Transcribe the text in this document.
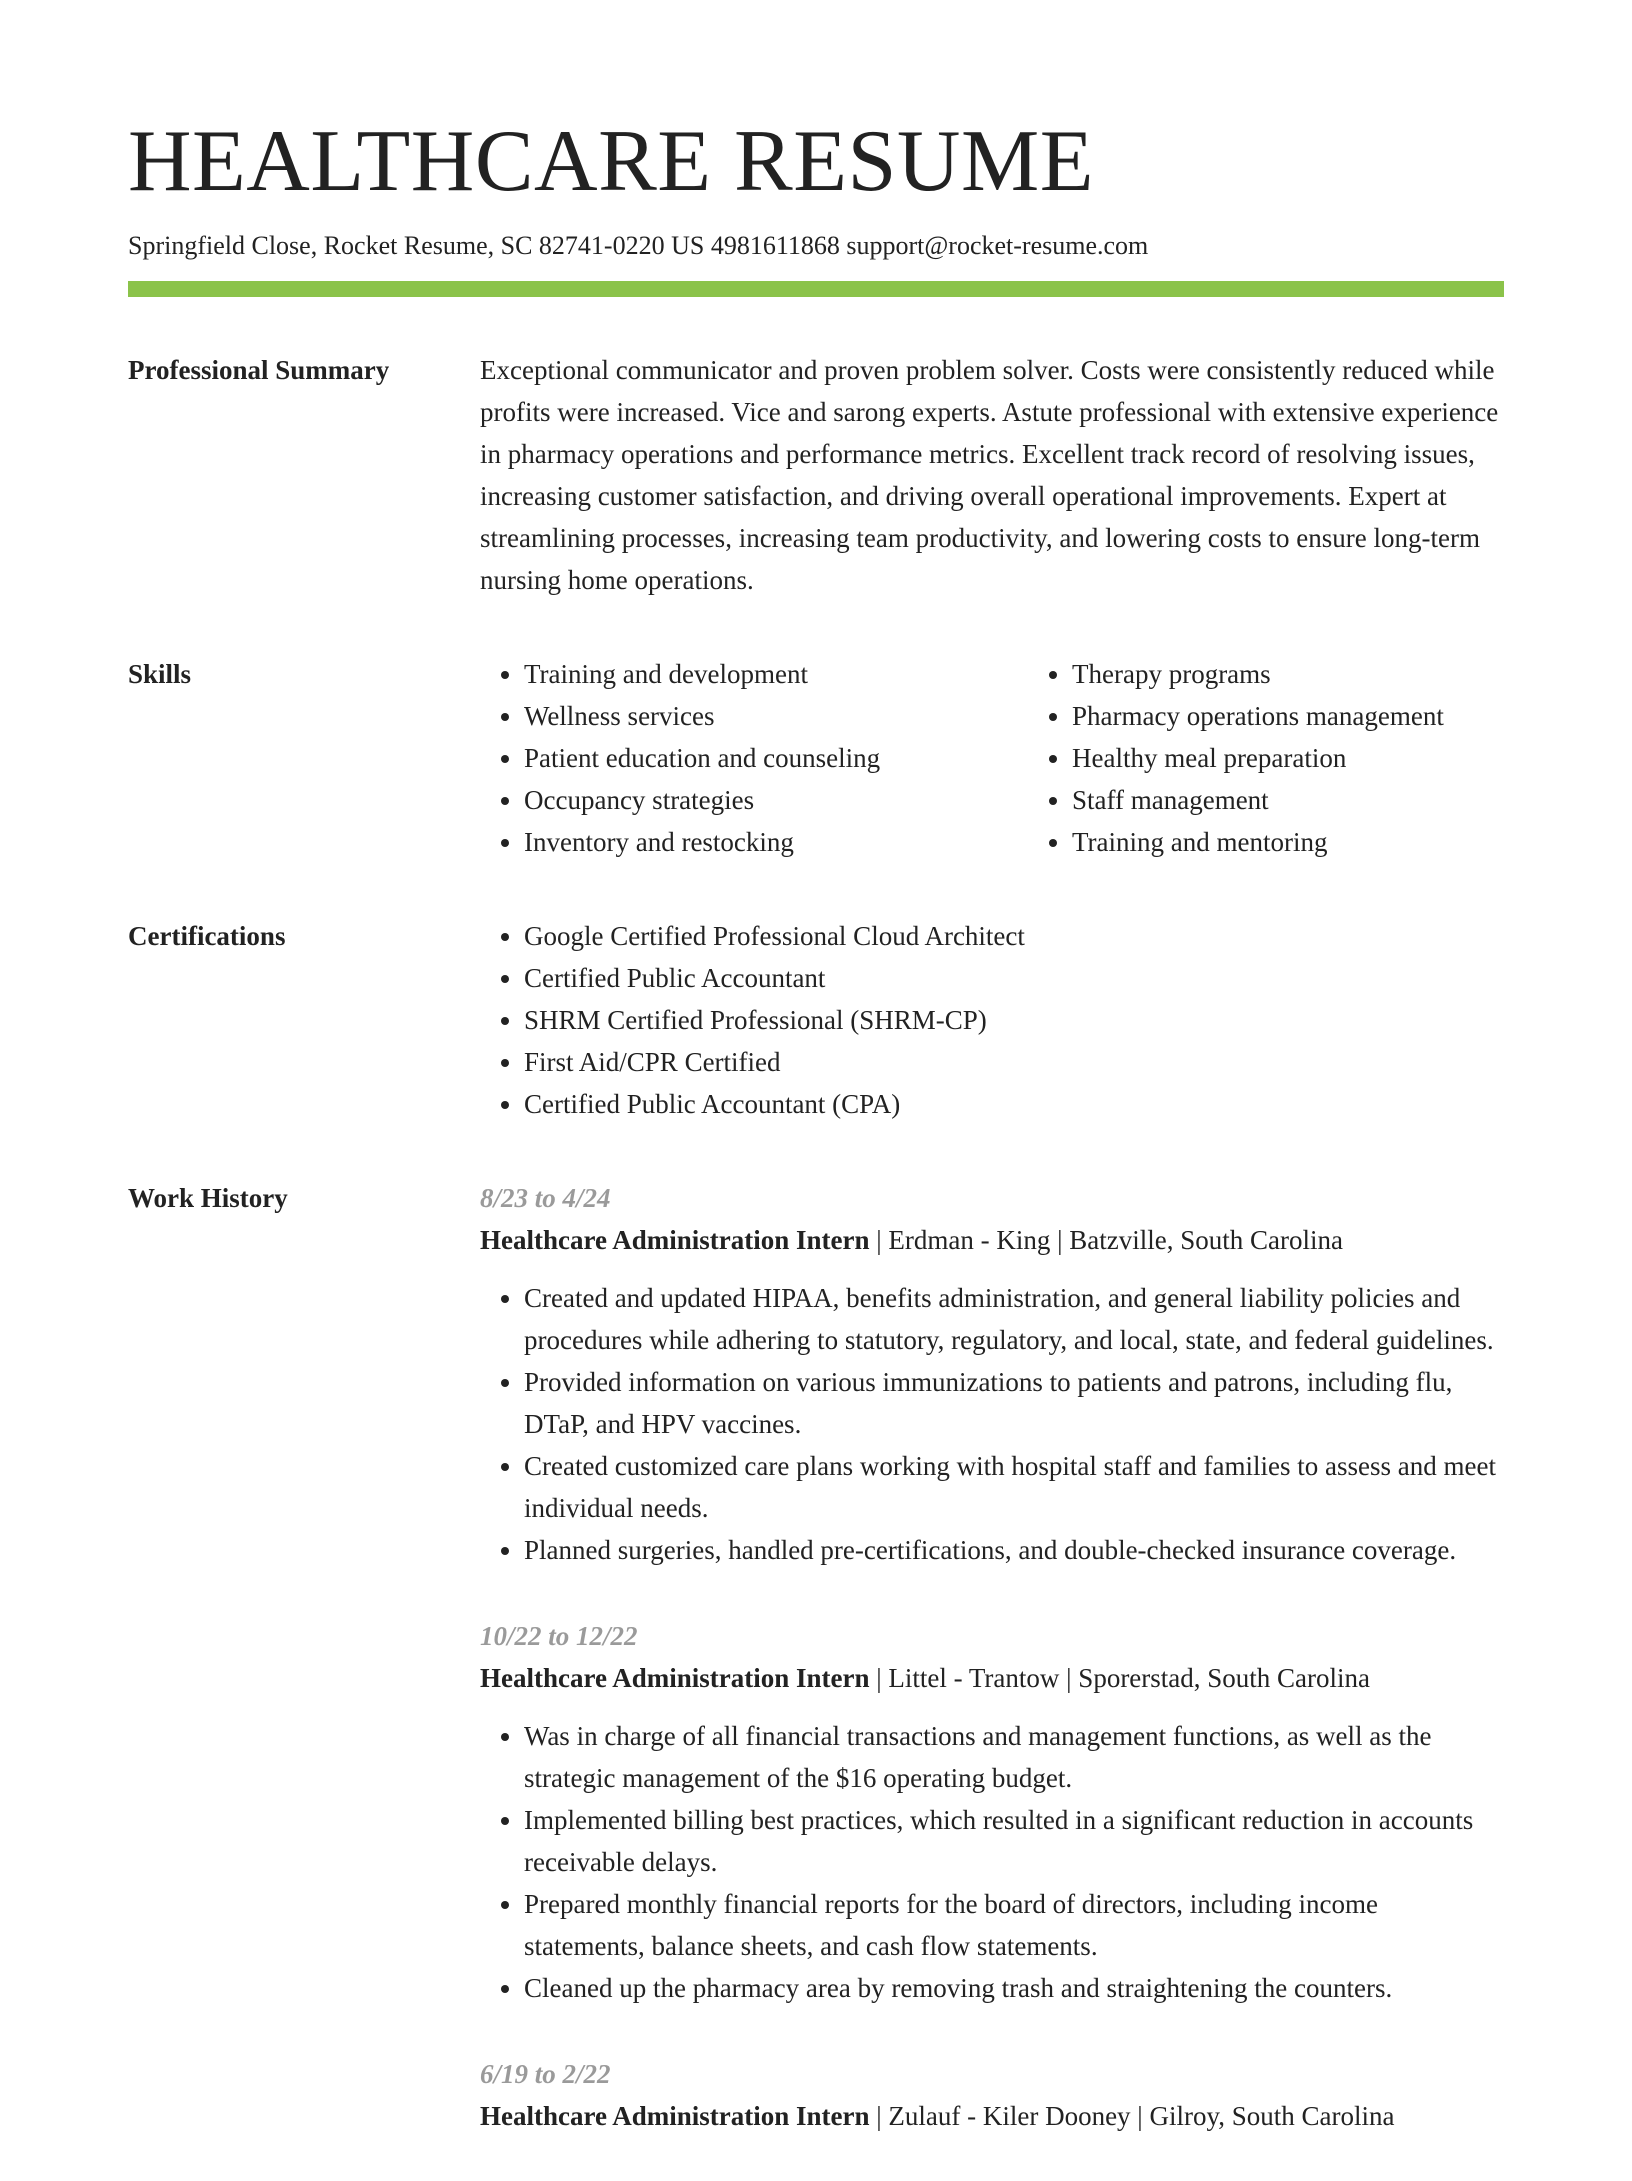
HEALTHCARE RESUME
Springfield Close, Rocket Resume, SC 82741-0220 US 4981611868 support@rocket-resume.com
Professional Summary	Exceptional communicator and proven problem solver. Costs were consistently reduced while profits were increased. Vice and sarong experts. Astute professional with extensive experience in pharmacy operations and performance metrics. Excellent track record of resolving issues, increasing customer satisfaction, and driving overall operational improvements. Expert at streamlining processes, increasing team productivity, and lowering costs to ensure long-term nursing home operations.

Skills	• Training and development
• Wellness services
• Patient education and counseling
• Occupancy strategies
• Inventory and restocking
• Therapy programs
• Pharmacy operations management
• Healthy meal preparation
• Staff management
• Training and mentoring
Certifications	• Google Certified Professional Cloud Architect
• Certified Public Accountant
• SHRM Certified Professional (SHRM-CP)
• First Aid/CPR Certified
• Certified Public Accountant (CPA)
Work History	8/23 to 4/24
Healthcare Administration Intern | Erdman - King | Batzville, South Carolina
• Created and updated HIPAA, benefits administration, and general liability policies and procedures while adhering to statutory, regulatory, and local, state, and federal guidelines.
• Provided information on various immunizations to patients and patrons, including flu, DTaP, and HPV vaccines.
• Created customized care plans working with hospital staff and families to assess and meet individual needs.
• Planned surgeries, handled pre-certifications, and double-checked insurance coverage.
10/22 to 12/22
Healthcare Administration Intern | Littel - Trantow | Sporerstad, South Carolina
• Was in charge of all financial transactions and management functions, as well as the strategic management of the $16 operating budget.
• Implemented billing best practices, which resulted in a significant reduction in accounts receivable delays.
• Prepared monthly financial reports for the board of directors, including income statements, balance sheets, and cash flow statements.
• Cleaned up the pharmacy area by removing trash and straightening the counters.
6/19 to 2/22
Healthcare Administration Intern | Zulauf - Kiler Dooney | Gilroy, South Carolina
